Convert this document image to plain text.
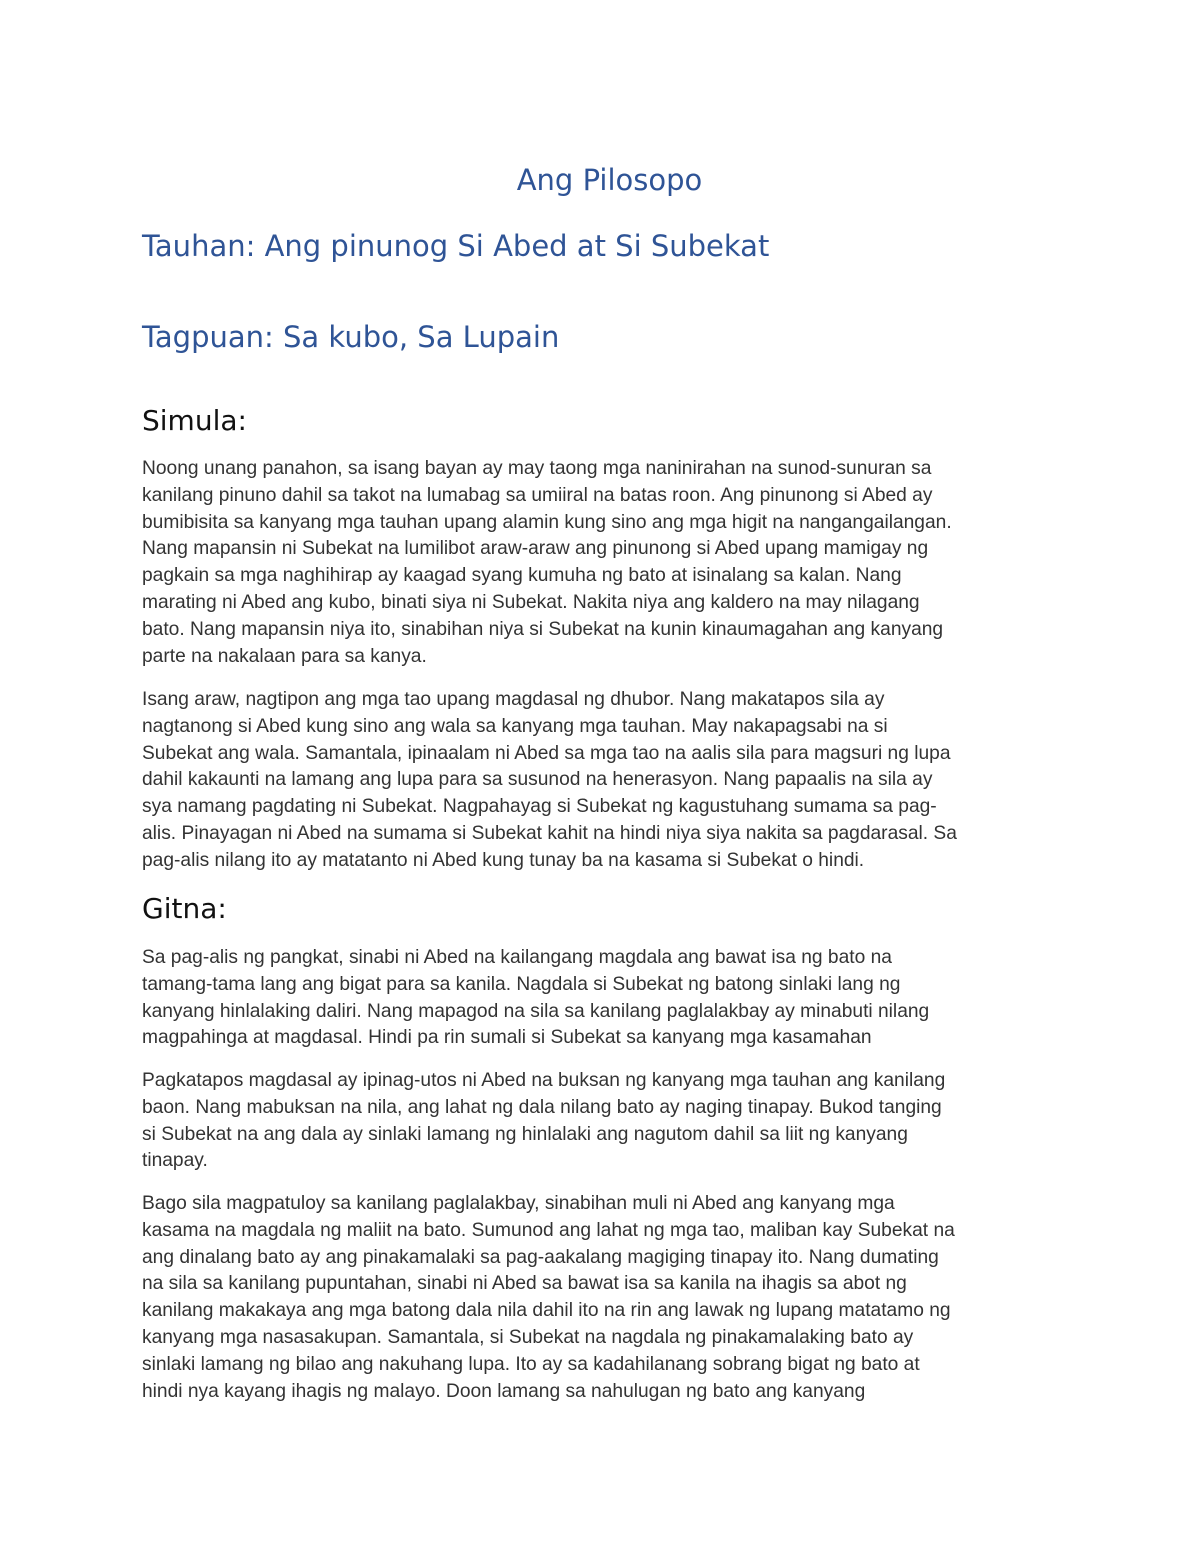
Ang Pilosopo
Tauhan: Ang pinunog Si Abed at Si Subekat
Tagpuan: Sa kubo, Sa Lupain
Simula:

Noong unang panahon, sa isang bayan ay may taong mga naninirahan na sunod-sunuran sa
kanilang pinuno dahil sa takot na lumabag sa umiiral na batas roon. Ang pinunong si Abed ay
bumibisita sa kanyang mga tauhan upang alamin kung sino ang mga higit na nangangailangan.
Nang mapansin ni Subekat na lumilibot araw-araw ang pinunong si Abed upang mamigay ng
pagkain sa mga naghihirap ay kaagad syang kumuha ng bato at isinalang sa kalan. Nang
marating ni Abed ang kubo, binati siya ni Subekat. Nakita niya ang kaldero na may nilagang
bato. Nang mapansin niya ito, sinabihan niya si Subekat na kunin kinaumagahan ang kanyang
parte na nakalaan para sa kanya.

Isang araw, nagtipon ang mga tao upang magdasal ng dhubor. Nang makatapos sila ay
nagtanong si Abed kung sino ang wala sa kanyang mga tauhan. May nakapagsabi na si
Subekat ang wala. Samantala, ipinaalam ni Abed sa mga tao na aalis sila para magsuri ng lupa
dahil kakaunti na lamang ang lupa para sa susunod na henerasyon. Nang papaalis na sila ay
sya namang pagdating ni Subekat. Nagpahayag si Subekat ng kagustuhang sumama sa pag-
alis. Pinayagan ni Abed na sumama si Subekat kahit na hindi niya siya nakita sa pagdarasal. Sa
pag-alis nilang ito ay matatanto ni Abed kung tunay ba na kasama si Subekat o hindi.

Gitna:

Sa pag-alis ng pangkat, sinabi ni Abed na kailangang magdala ang bawat isa ng bato na
tamang-tama lang ang bigat para sa kanila. Nagdala si Subekat ng batong sinlaki lang ng
kanyang hinlalaking daliri. Nang mapagod na sila sa kanilang paglalakbay ay minabuti nilang
magpahinga at magdasal. Hindi pa rin sumali si Subekat sa kanyang mga kasamahan

Pagkatapos magdasal ay ipinag-utos ni Abed na buksan ng kanyang mga tauhan ang kanilang
baon. Nang mabuksan na nila, ang lahat ng dala nilang bato ay naging tinapay. Bukod tanging
si Subekat na ang dala ay sinlaki lamang ng hinlalaki ang nagutom dahil sa liit ng kanyang
tinapay.

Bago sila magpatuloy sa kanilang paglalakbay, sinabihan muli ni Abed ang kanyang mga
kasama na magdala ng maliit na bato. Sumunod ang lahat ng mga tao, maliban kay Subekat na
ang dinalang bato ay ang pinakamalaki sa pag-aakalang magiging tinapay ito. Nang dumating
na sila sa kanilang pupuntahan, sinabi ni Abed sa bawat isa sa kanila na ihagis sa abot ng
kanilang makakaya ang mga batong dala nila dahil ito na rin ang lawak ng lupang matatamo ng
kanyang mga nasasakupan. Samantala, si Subekat na nagdala ng pinakamalaking bato ay
sinlaki lamang ng bilao ang nakuhang lupa. Ito ay sa kadahilanang sobrang bigat ng bato at
hindi nya kayang ihagis ng malayo. Doon lamang sa nahulugan ng bato ang kanyang
